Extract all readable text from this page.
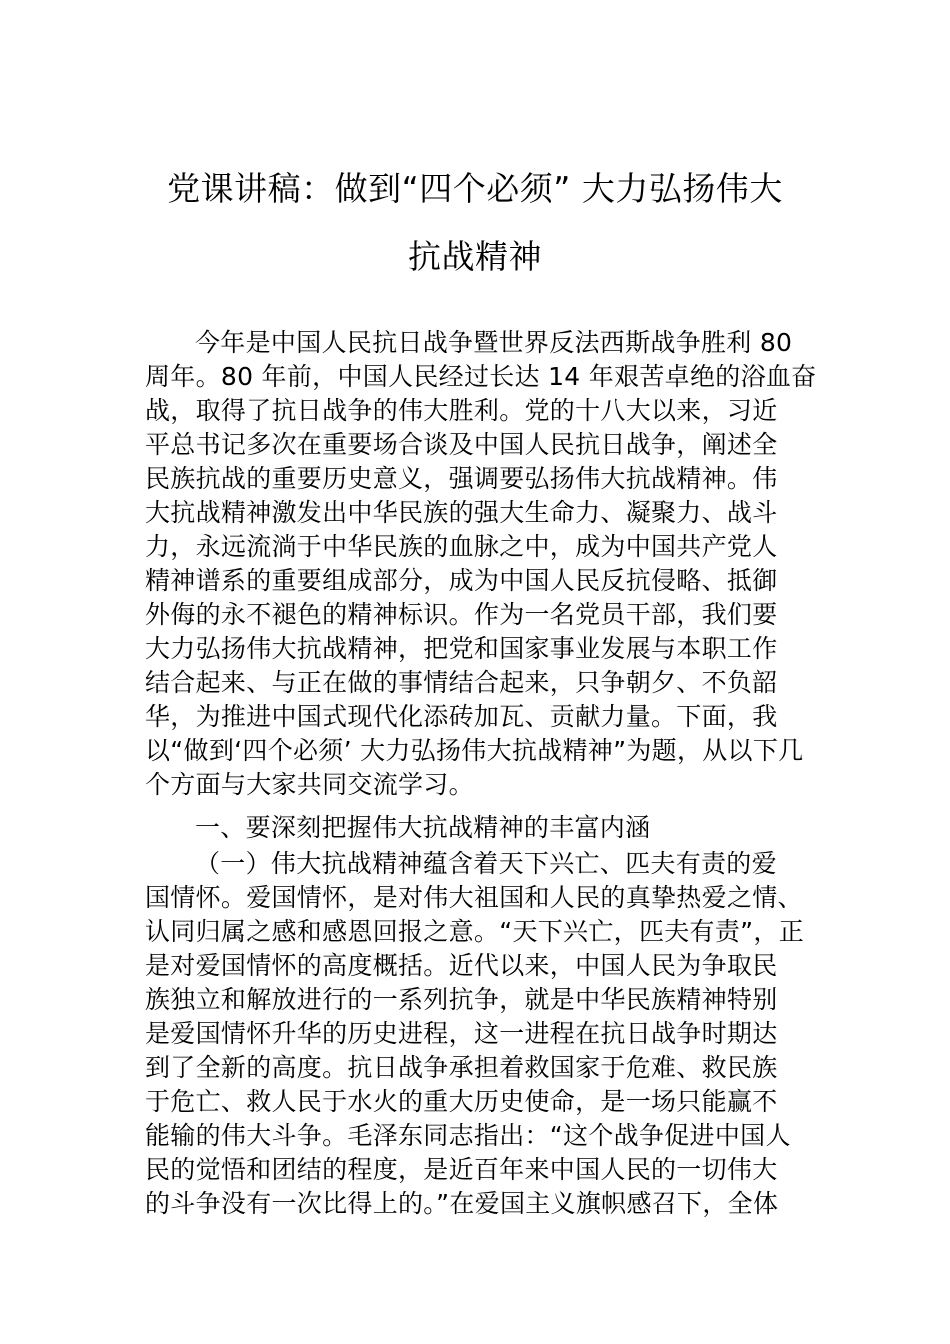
党课讲稿：做到“四个必须” 大力弘扬伟大
抗战精神
今年是中国人民抗日战争暨世界反法西斯战争胜利 80
周年。80 年前，中国人民经过长达 14 年艰苦卓绝的浴血奋
战，取得了抗日战争的伟大胜利。党的十八大以来，习近
平总书记多次在重要场合谈及中国人民抗日战争，阐述全
民族抗战的重要历史意义，强调要弘扬伟大抗战精神。伟
大抗战精神激发出中华民族的强大生命力、凝聚力、战斗
力，永远流淌于中华民族的血脉之中，成为中国共产党人
精神谱系的重要组成部分，成为中国人民反抗侵略、抵御
外侮的永不褪色的精神标识。作为一名党员干部，我们要
大力弘扬伟大抗战精神，把党和国家事业发展与本职工作
结合起来、与正在做的事情结合起来，只争朝夕、不负韶
华，为推进中国式现代化添砖加瓦、贡献力量。下面，我
以“做到‘四个必须’ 大力弘扬伟大抗战精神”为题，从以下几
个方面与大家共同交流学习。
一、要深刻把握伟大抗战精神的丰富内涵
（一）伟大抗战精神蕴含着天下兴亡、匹夫有责的爱
国情怀。爱国情怀，是对伟大祖国和人民的真挚热爱之情、
认同归属之感和感恩回报之意。“天下兴亡，匹夫有责”，正
是对爱国情怀的高度概括。近代以来，中国人民为争取民
族独立和解放进行的一系列抗争，就是中华民族精神特别
是爱国情怀升华的历史进程，这一进程在抗日战争时期达
到了全新的高度。抗日战争承担着救国家于危难、救民族
于危亡、救人民于水火的重大历史使命，是一场只能赢不
能输的伟大斗争。毛泽东同志指出：“这个战争促进中国人
民的觉悟和团结的程度，是近百年来中国人民的一切伟大
的斗争没有一次比得上的。”在爱国主义旗帜感召下，全体
